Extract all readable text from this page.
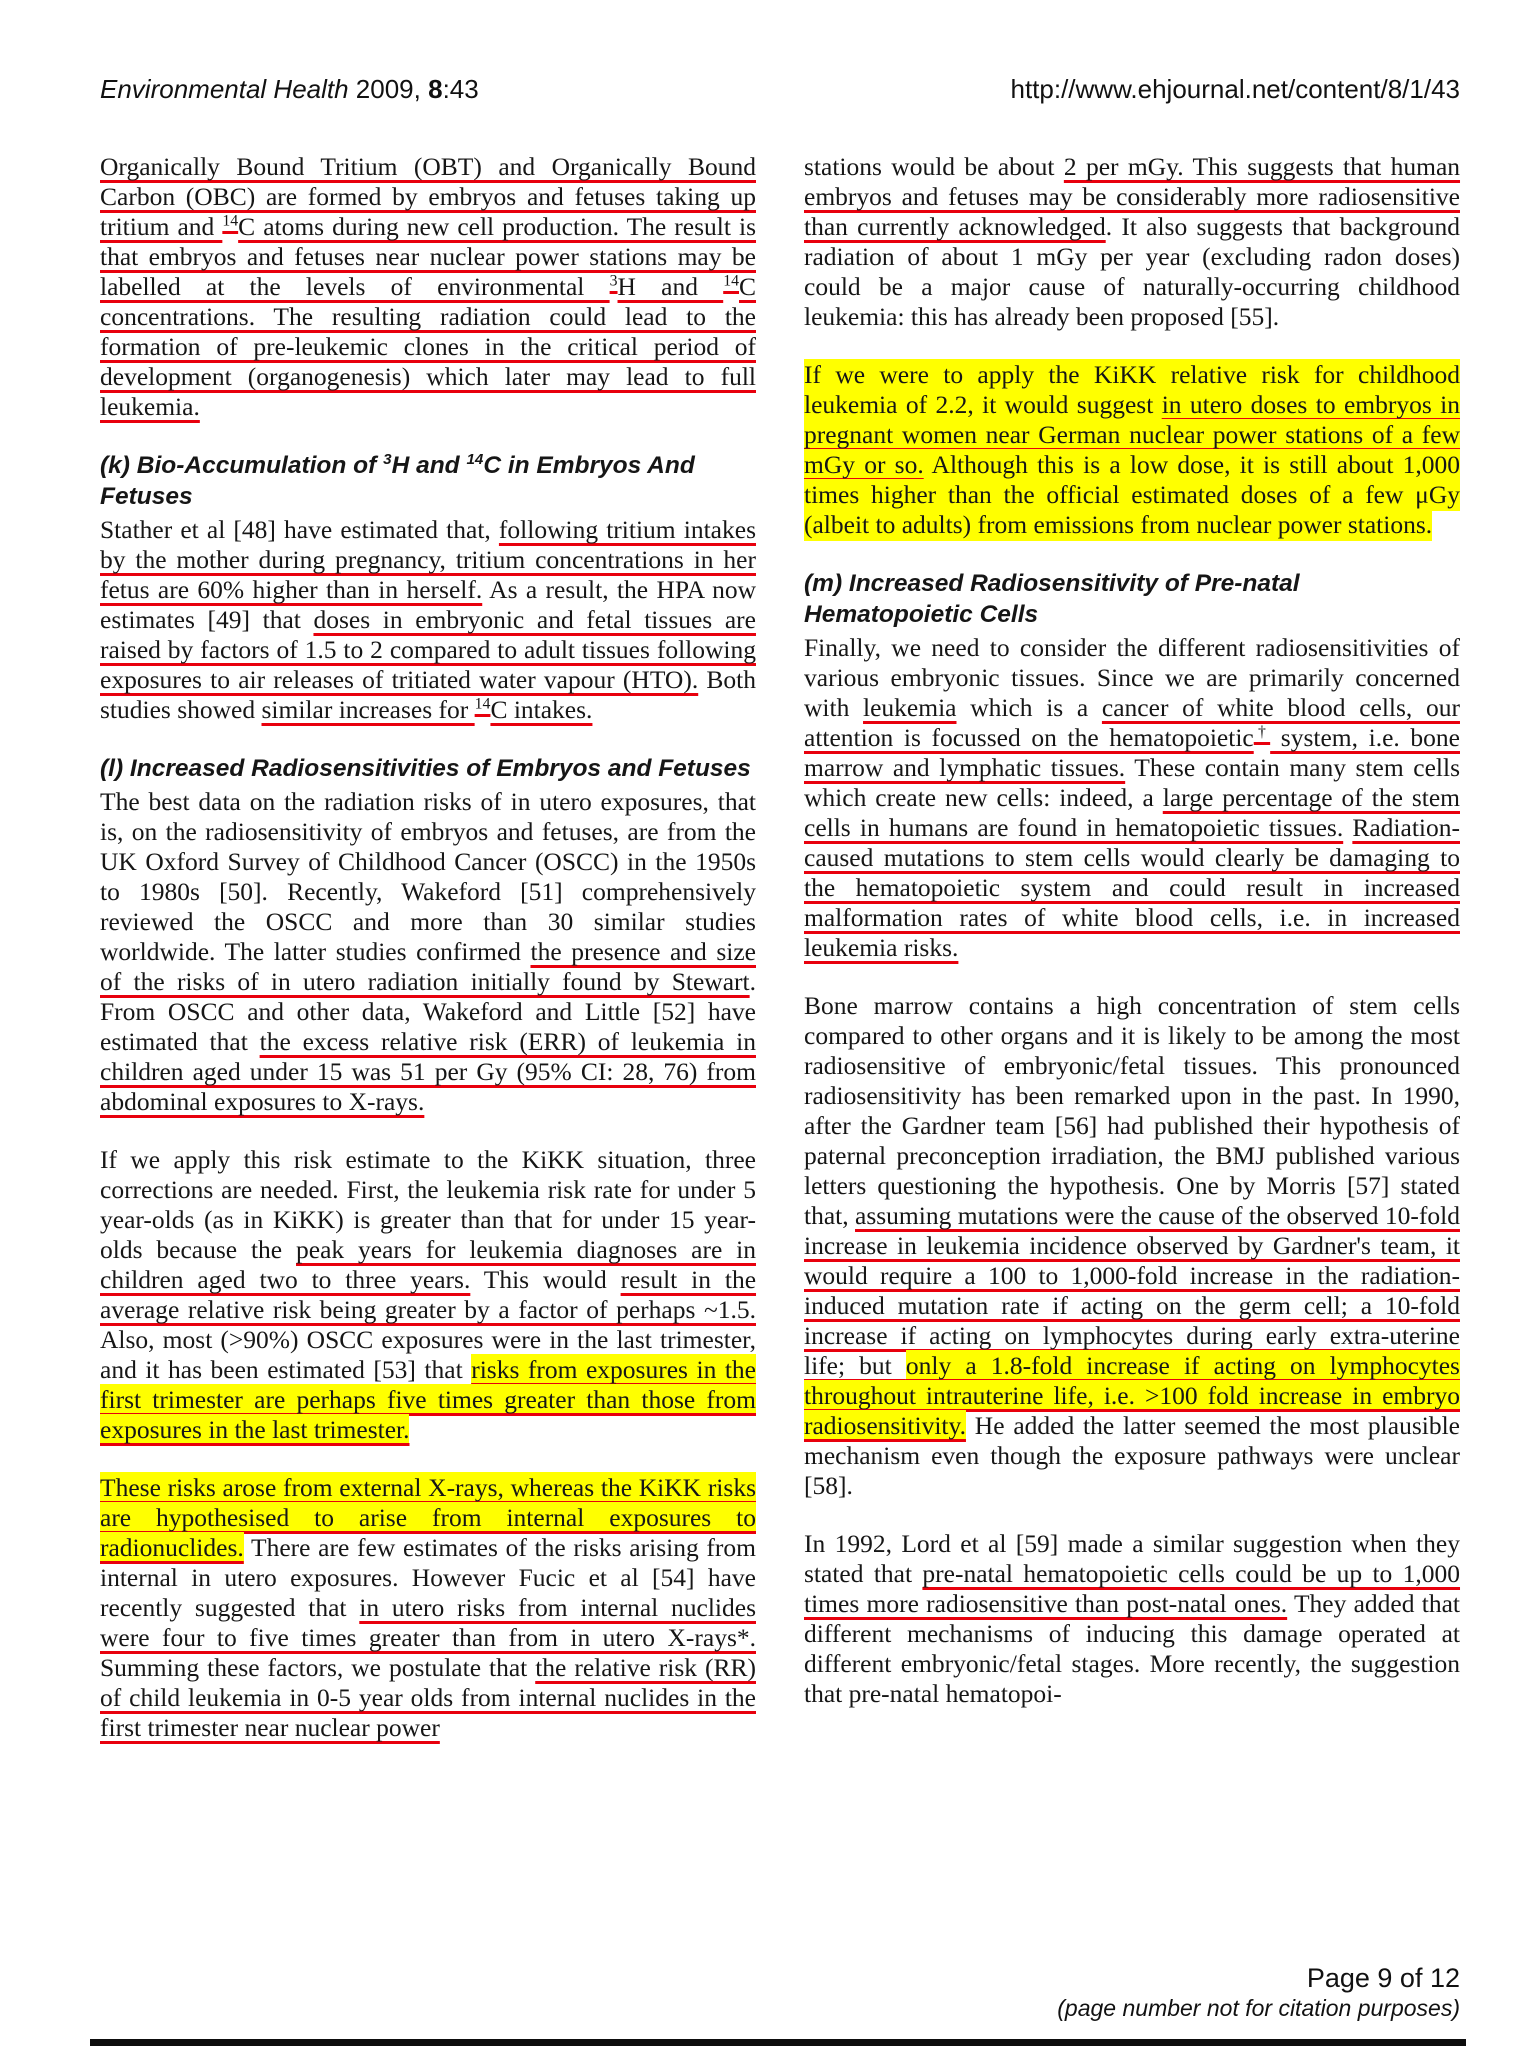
Environmental Health 2009, 8:43	http://www.ehjournal.net/content/8/1/43

Organically Bound Tritium (OBT) and Organically Bound Carbon (OBC) are formed by embryos and fetuses taking up tritium and $^{14}$C atoms during new cell production. The result is that embryos and fetuses near nuclear power stations may be labelled at the levels of environmental $^3$H and $^{14}$C concentrations. The resulting radiation could lead to the formation of pre-leukemic clones in the critical period of development (organogenesis) which later may lead to full leukemia.

(k) Bio-Accumulation of $^3$H and $^{14}$C in Embryos And Fetuses

Stather et al [48] have estimated that, following tritium intakes by the mother during pregnancy, tritium concentrations in her fetus are 60% higher than in herself. As a result, the HPA now estimates [49] that doses in embryonic and fetal tissues are raised by factors of 1.5 to 2 compared to adult tissues following exposures to air releases of tritiated water vapour (HTO). Both studies showed similar increases for $^{14}$C intakes.

(l) Increased Radiosensitivities of Embryos and Fetuses

The best data on the radiation risks of in utero exposures, that is, on the radiosensitivity of embryos and fetuses, are from the UK Oxford Survey of Childhood Cancer (OSCC) in the 1950s to 1980s [50]. Recently, Wakeford [51] comprehensively reviewed the OSCC and more than 30 similar studies worldwide. The latter studies confirmed the presence and size of the risks of in utero radiation initially found by Stewart. From OSCC and other data, Wakeford and Little [52] have estimated that the excess relative risk (ERR) of leukemia in children aged under 15 was 51 per Gy (95% CI: 28, 76) from abdominal exposures to X-rays.

If we apply this risk estimate to the KiKK situation, three corrections are needed. First, the leukemia risk rate for under 5 year-olds (as in KiKK) is greater than that for under 15 year-olds because the peak years for leukemia diagnoses are in children aged two to three years. This would result in the average relative risk being greater by a factor of perhaps ~1.5. Also, most (>90%) OSCC exposures were in the last trimester, and it has been estimated [53] that risks from exposures in the first trimester are perhaps five times greater than those from exposures in the last trimester.

These risks arose from external X-rays, whereas the KiKK risks are hypothesised to arise from internal exposures to radionuclides. There are few estimates of the risks arising from internal in utero exposures. However Fucic et al [54] have recently suggested that in utero risks from internal nuclides were four to five times greater than from in utero X-rays*. Summing these factors, we postulate that the relative risk (RR) of child leukemia in 0-5 year olds from internal nuclides in the first trimester near nuclear power

stations would be about 2 per mGy. This suggests that human embryos and fetuses may be considerably more radiosensitive than currently acknowledged. It also suggests that background radiation of about 1 mGy per year (excluding radon doses) could be a major cause of naturally-occurring childhood leukemia: this has already been proposed [55].

If we were to apply the KiKK relative risk for childhood leukemia of 2.2, it would suggest in utero doses to embryos in pregnant women near German nuclear power stations of a few mGy or so. Although this is a low dose, it is still about 1,000 times higher than the official estimated doses of a few μGy (albeit to adults) from emissions from nuclear power stations.

(m) Increased Radiosensitivity of Pre-natal Hematopoietic Cells

Finally, we need to consider the different radiosensitivities of various embryonic tissues. Since we are primarily concerned with leukemia which is a cancer of white blood cells, our attention is focussed on the hematopoietic† system, i.e. bone marrow and lymphatic tissues. These contain many stem cells which create new cells: indeed, a large percentage of the stem cells in humans are found in hematopoietic tissues. Radiation-caused mutations to stem cells would clearly be damaging to the hematopoietic system and could result in increased malformation rates of white blood cells, i.e. in increased leukemia risks.

Bone marrow contains a high concentration of stem cells compared to other organs and it is likely to be among the most radiosensitive of embryonic/fetal tissues. This pronounced radiosensitivity has been remarked upon in the past. In 1990, after the Gardner team [56] had published their hypothesis of paternal preconception irradiation, the BMJ published various letters questioning the hypothesis. One by Morris [57] stated that, assuming mutations were the cause of the observed 10-fold increase in leukemia incidence observed by Gardner's team, it would require a 100 to 1,000-fold increase in the radiation-induced mutation rate if acting on the germ cell; a 10-fold increase if acting on lymphocytes during early extra-uterine life; but only a 1.8-fold increase if acting on lymphocytes throughout intrauterine life, i.e. >100 fold increase in embryo radiosensitivity. He added the latter seemed the most plausible mechanism even though the exposure pathways were unclear [58].

In 1992, Lord et al [59] made a similar suggestion when they stated that pre-natal hematopoietic cells could be up to 1,000 times more radiosensitive than post-natal ones. They added that different mechanisms of inducing this damage operated at different embryonic/fetal stages. More recently, the suggestion that pre-natal hematopoi-

Page 9 of 12
(page number not for citation purposes)
